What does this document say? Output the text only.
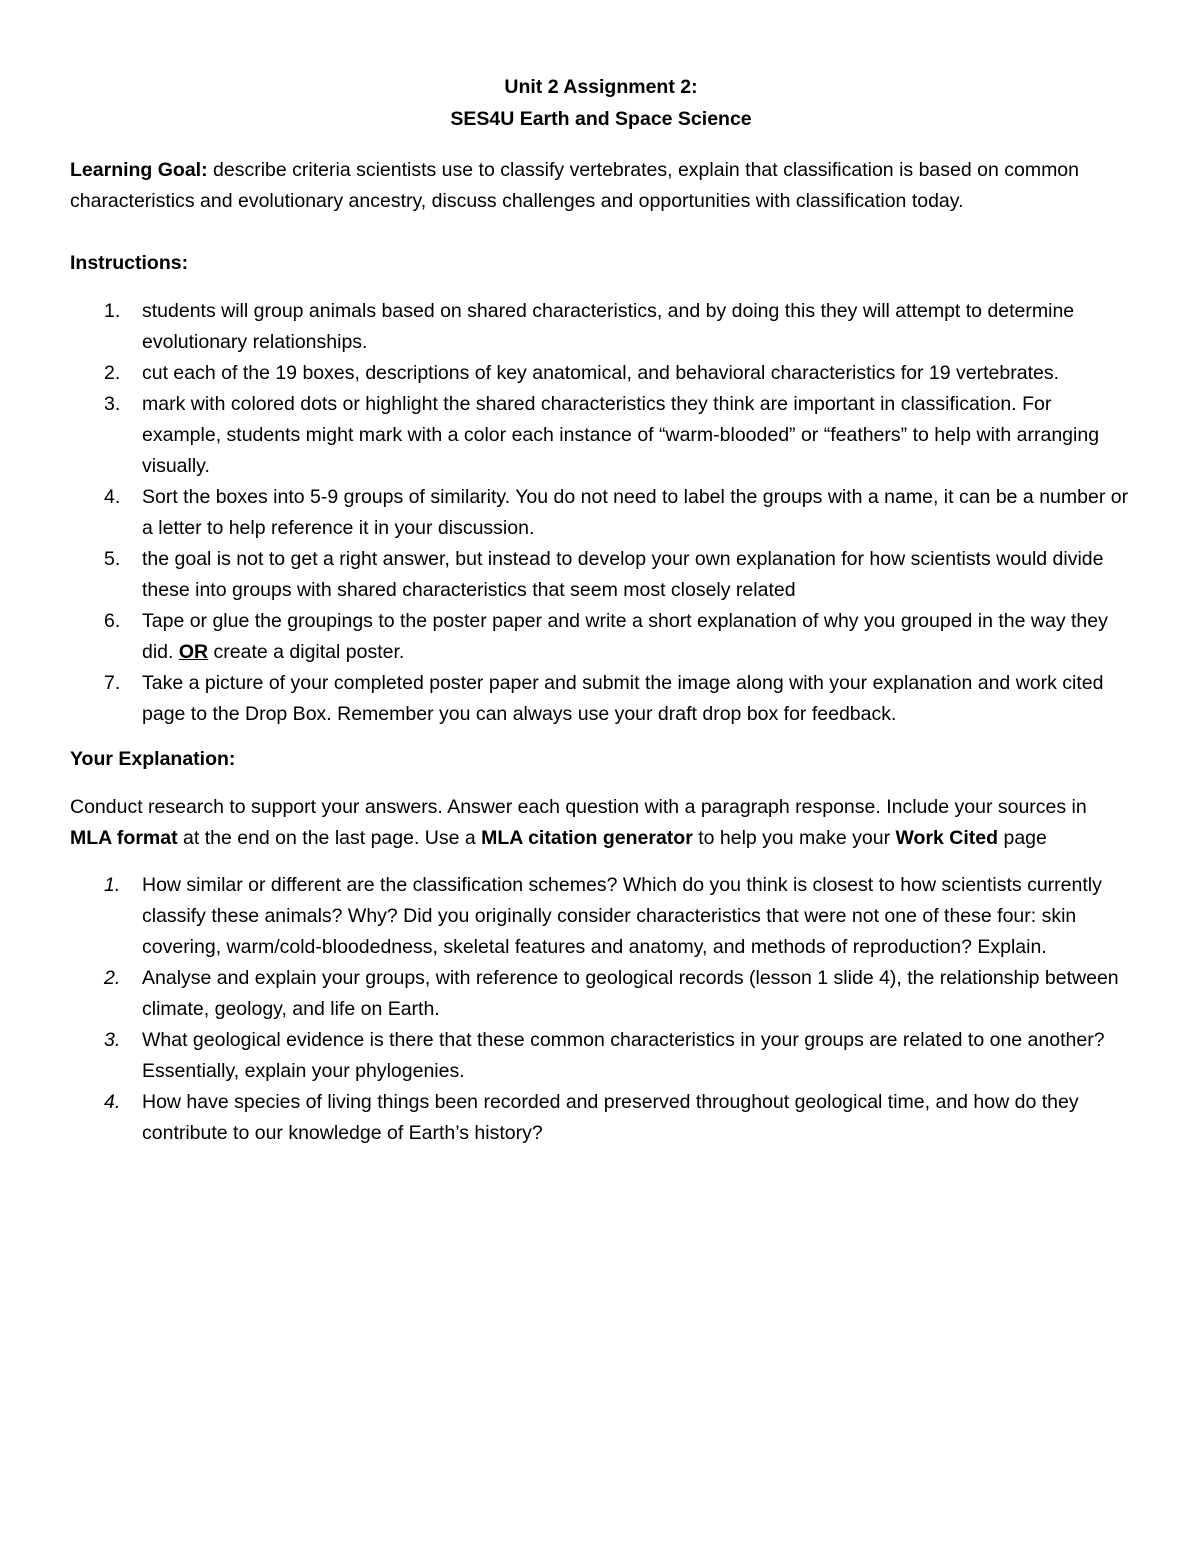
Unit 2 Assignment 2:
SES4U Earth and Space Science

Learning Goal: describe criteria scientists use to classify vertebrates, explain that classification is based on common characteristics and evolutionary ancestry, discuss challenges and opportunities with classification today.

Instructions:

1.	students will group animals based on shared characteristics, and by doing this they will attempt to determine evolutionary relationships.
2.	cut each of the 19 boxes, descriptions of key anatomical, and behavioral characteristics for 19 vertebrates.
3.	mark with colored dots or highlight the shared characteristics they think are important in classification. For example, students might mark with a color each instance of “warm-blooded” or “feathers” to help with arranging visually.
4.	Sort the boxes into 5-9 groups of similarity. You do not need to label the groups with a name, it can be a number or a letter to help reference it in your discussion.
5.	the goal is not to get a right answer, but instead to develop your own explanation for how scientists would divide these into groups with shared characteristics that seem most closely related
6.	Tape or glue the groupings to the poster paper and write a short explanation of why you grouped in the way they did. OR create a digital poster.
7.	Take a picture of your completed poster paper and submit the image along with your explanation and work cited page to the Drop Box. Remember you can always use your draft drop box for feedback.

Your Explanation:

Conduct research to support your answers. Answer each question with a paragraph response. Include your sources in MLA format at the end on the last page. Use a MLA citation generator to help you make your Work Cited page

1.	How similar or different are the classification schemes? Which do you think is closest to how scientists currently classify these animals? Why? Did you originally consider characteristics that were not one of these four: skin covering, warm/cold-bloodedness, skeletal features and anatomy, and methods of reproduction? Explain.
2.	Analyse and explain your groups, with reference to geological records (lesson 1 slide 4), the relationship between climate, geology, and life on Earth.
3.	What geological evidence is there that these common characteristics in your groups are related to one another? Essentially, explain your phylogenies.
4.	How have species of living things been recorded and preserved throughout geological time, and how do they contribute to our knowledge of Earth’s history?
